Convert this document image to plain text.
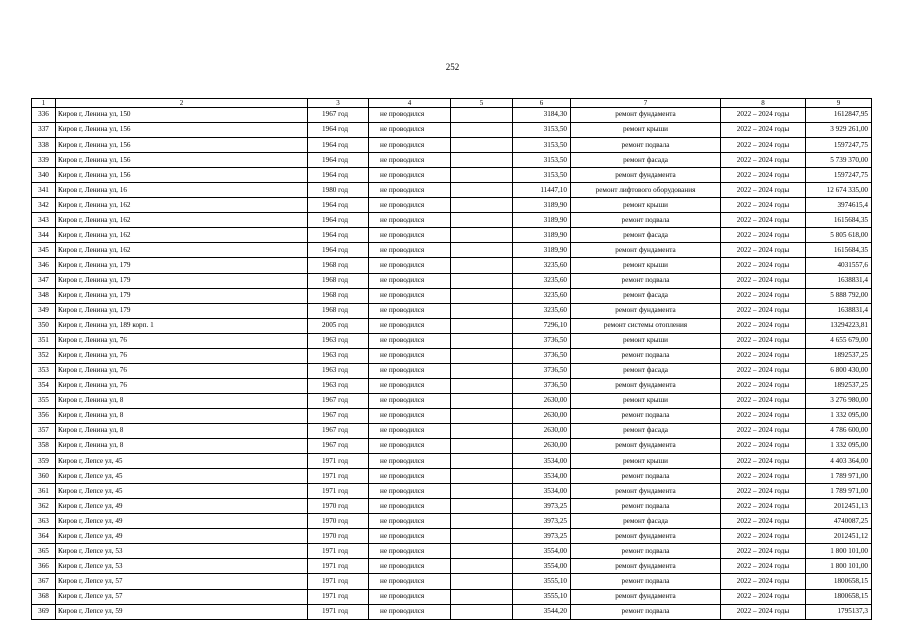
252
1	2	3	4	5	6	7	8	9
336	Киров г, Ленина ул, 150	1967 год	не проводился		3184,30	ремонт фундамента	2022 – 2024 годы	1612847,95
337	Киров г, Ленина ул, 156	1964 год	не проводился		3153,50	ремонт крыши	2022 – 2024 годы	3 929 261,00
338	Киров г, Ленина ул, 156	1964 год	не проводился		3153,50	ремонт подвала	2022 – 2024 годы	1597247,75
339	Киров г, Ленина ул, 156	1964 год	не проводился		3153,50	ремонт фасада	2022 – 2024 годы	5 739 370,00
340	Киров г, Ленина ул, 156	1964 год	не проводился		3153,50	ремонт фундамента	2022 – 2024 годы	1597247,75
341	Киров г, Ленина ул, 16	1980 год	не проводился		11447,10	ремонт лифтового оборудования	2022 – 2024 годы	12 674 335,00
342	Киров г, Ленина ул, 162	1964 год	не проводился		3189,90	ремонт крыши	2022 – 2024 годы	3974615,4
343	Киров г, Ленина ул, 162	1964 год	не проводился		3189,90	ремонт подвала	2022 – 2024 годы	1615684,35
344	Киров г, Ленина ул, 162	1964 год	не проводился		3189,90	ремонт фасада	2022 – 2024 годы	5 805 618,00
345	Киров г, Ленина ул, 162	1964 год	не проводился		3189,90	ремонт фундамента	2022 – 2024 годы	1615684,35
346	Киров г, Ленина ул, 179	1968 год	не проводился		3235,60	ремонт крыши	2022 – 2024 годы	4031557,6
347	Киров г, Ленина ул, 179	1968 год	не проводился		3235,60	ремонт подвала	2022 – 2024 годы	1638831,4
348	Киров г, Ленина ул, 179	1968 год	не проводился		3235,60	ремонт фасада	2022 – 2024 годы	5 888 792,00
349	Киров г, Ленина ул, 179	1968 год	не проводился		3235,60	ремонт фундамента	2022 – 2024 годы	1638831,4
350	Киров г, Ленина ул, 189 корп. 1	2005 год	не проводился		7296,10	ремонт системы отопления	2022 – 2024 годы	13294223,81
351	Киров г, Ленина ул, 76	1963 год	не проводился		3736,50	ремонт крыши	2022 – 2024 годы	4 655 679,00
352	Киров г, Ленина ул, 76	1963 год	не проводился		3736,50	ремонт подвала	2022 – 2024 годы	1892537,25
353	Киров г, Ленина ул, 76	1963 год	не проводился		3736,50	ремонт фасада	2022 – 2024 годы	6 800 430,00
354	Киров г, Ленина ул, 76	1963 год	не проводился		3736,50	ремонт фундамента	2022 – 2024 годы	1892537,25
355	Киров г, Ленина ул, 8	1967 год	не проводился		2630,00	ремонт крыши	2022 – 2024 годы	3 276 980,00
356	Киров г, Ленина ул, 8	1967 год	не проводился		2630,00	ремонт подвала	2022 – 2024 годы	1 332 095,00
357	Киров г, Ленина ул, 8	1967 год	не проводился		2630,00	ремонт фасада	2022 – 2024 годы	4 786 600,00
358	Киров г, Ленина ул, 8	1967 год	не проводился		2630,00	ремонт фундамента	2022 – 2024 годы	1 332 095,00
359	Киров г, Лепсе ул, 45	1971 год	не проводился		3534,00	ремонт крыши	2022 – 2024 годы	4 403 364,00
360	Киров г, Лепсе ул, 45	1971 год	не проводился		3534,00	ремонт подвала	2022 – 2024 годы	1 789 971,00
361	Киров г, Лепсе ул, 45	1971 год	не проводился		3534,00	ремонт фундамента	2022 – 2024 годы	1 789 971,00
362	Киров г, Лепсе ул, 49	1970 год	не проводился		3973,25	ремонт подвала	2022 – 2024 годы	2012451,13
363	Киров г, Лепсе ул, 49	1970 год	не проводился		3973,25	ремонт фасада	2022 – 2024 годы	4740087,25
364	Киров г, Лепсе ул, 49	1970 год	не проводился		3973,25	ремонт фундамента	2022 – 2024 годы	2012451,12
365	Киров г, Лепсе ул, 53	1971 год	не проводился		3554,00	ремонт подвала	2022 – 2024 годы	1 800 101,00
366	Киров г, Лепсе ул, 53	1971 год	не проводился		3554,00	ремонт фундамента	2022 – 2024 годы	1 800 101,00
367	Киров г, Лепсе ул, 57	1971 год	не проводился		3555,10	ремонт подвала	2022 – 2024 годы	1800658,15
368	Киров г, Лепсе ул, 57	1971 год	не проводился		3555,10	ремонт фундамента	2022 – 2024 годы	1800658,15
369	Киров г, Лепсе ул, 59	1971 год	не проводился		3544,20	ремонт подвала	2022 – 2024 годы	1795137,3
